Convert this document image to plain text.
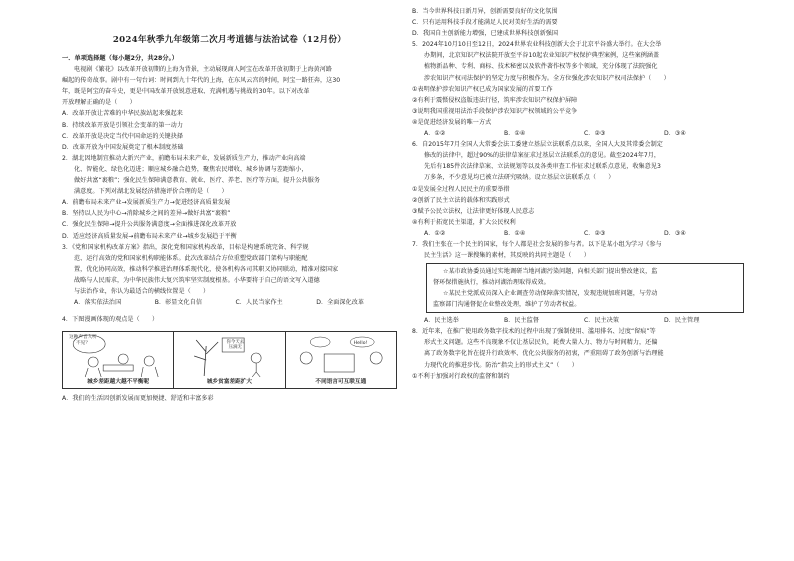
2024年秋季九年级第二次月考道德与法治试卷（12月份）
一．单项选择题（每小题2分，共28分。）
电视剧《繁花》以改革开放初期的上海为背景，主动展现商人阿宝在改革开放初期于上海黄河路
崛起的传奇故事。剧中有一句台词：时间到九十年代的上海，在东风云宫的时间，阿宝一路狂奔，这30
年，既是阿宝的奋斗史，更是中国改革开放锐意进取、充满机遇与挑战的30年。以下对改革
开放理解正确的是（　　）
A．改革开放让苦难的中华民族站起来强起来
B．持续改革开放是引领社会变革的第一动力
C．改革开放是决定当代中国命运的关键抉择
D．改革开放为中国发展奠定了根本制度基础
2．湖北因地制宜推动大新兴产业，前瞻布局未来产业，发展新质生产力，推动产业向高端
化、智能化、绿色化迈进；顺应城乡融合趋势，聚焦农民增收、城乡协调与差距缩小，
做好共富“裹粮”；强化民生保障满意教育、就业、医疗、养老、医疗等方面，提升公共服务
满意度。下列对湖北发展经济措施评价合理的是（　　）
A．前瞻布局未来产业→发展新质生产力→促进经济高质量发展
B．坚持以人民为中心→消除城乡之间的差异→做好共富“裹粮”
C．强化民生保障→提升公共服务满意度→全面推进深化改革开放
D．适应经济高质量发展→前瞻布局未来产业→城乡发展趋于平衡
3．《党和国家机构改革方案》指出，深化党和国家机构改革，目标是构建系统完备、科学规
范、运行高效的党和国家机构职能体系。此次改革结合方位重塑党政部门架构与职能配
置，优化协同高效，推动科学推进治理体系现代化，使各机构各司其职又协同联动，精准对接国家
战略与人民需求，为中华民族伟大复兴筑牢坚实制度根基。小华要将于自己的语文写入道德
与法治作业，你认为最适合的横线位置是（　　）
A．落实依法治国	B．彰显文化自信	C．人民当家作主	D．全面深化改革
4．下图漫画体现的观点是（　　）
这种声音人听不见？
城乡差距越大越不平衡呢
你今天去压滴无
城乡贫富差距扩大
Hello!
不同语言可互联互通
A．我们的生活因创新发展而更加便捷、舒适和丰富多彩
B．当今世界科技日新月异，创新需要良好的文化氛围
C．只有运用科技手段才能满足人民对美好生活的需要
D．我国自主创新能力增强，已建成世界科技创新强国
5．2024年10月10日至12日，2024世界农业科技创新大会于北京平谷盛大举行。在大会举
办期间，北京知识产权法院开放至平谷10起农业知识产权保护典型案例，这些案例涵盖
植物新品种、专利、商标、技术秘密以及软件著作权等多个领域，充分体现了法院强化
涉农知识产权司法保护的坚定力度与积极作为。全方位强化涉农知识产权司法保护（　　）
①表明保护涉农知识产权已成为国家发展的首要工作
②有利于震慑侵权盗版违法行径，筑牢涉农知识产权保护屏障
③说明我国重视用法治手段保护涉农知识产权领域的公平竞争
④是促进经济发展的唯一方式
A．①②	B．①④	C．②③	D．③④
6．自2015年7月全国人大常委会法工委建立基层立法联系点以来，全国人大及其常委会制定
修改的法律中，超过90%的法律草案征求过基层立法联系点的意见。截至2024年7月，
先后有185件次法律草案、立法规划等以及各类审查工作征求过联系点意见，收集意见3
万多条，不少意见均已被立法研究吸纳。设立基层立法联系点（　　）
①是发展全过程人民民主的重要举措
②创新了民主立法的载体和实践形式
③赋予公民立法权，让法律更好体现人民意志
④有利于拓宽民主渠道，扩大公民权利
A．①②	B．①④	C．②③	D．③④
7．我们主张在一个民主的国家，每个人都是社会发展的参与者。以下是某小组为学习《参与
民主生活》这一课搜集的素材，其反映的共同主题是（　　）
☆某市政协委员通过实地调研当地河湖污染问题，向相关部门提出整改建议，监
督环保措施执行，推动河湖治理取得成效。
☆某民主党派成员深入企业调查劳动保障落实情况，发现违规加班问题，与劳动
监察部门沟通督促企业整改处理，维护了劳动者权益。
A．民主选举	B．民主监督	C．民主决策	D．民主管理
8．近年来，在推广使用政务数字技术的过程中出现了强制使用、滥用排名、过度“留痕”等
形式主义问题。这些不良现象不仅让基层民负，耗费大量人力、物力与时间精力，还偏
离了政务数字化旨在提升行政效率、优化公共服务的初衷，严重阻碍了政务创新与治理能
力现代化的推进步伐。防治“指尖上的形式主义”（　　）
①不利于加强对行政权的监督和制约
